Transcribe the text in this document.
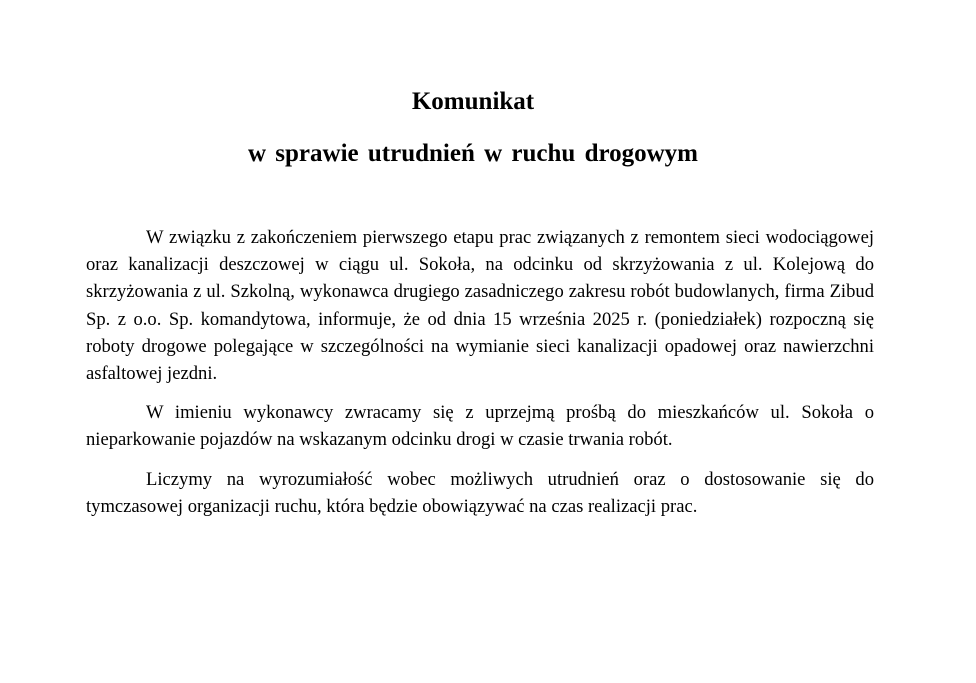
Komunikat
w sprawie utrudnień w ruchu drogowym

W związku z zakończeniem pierwszego etapu prac związanych z remontem sieci wodociągowej oraz kanalizacji deszczowej w ciągu ul. Sokoła, na odcinku od skrzyżowania z ul. Kolejową do skrzyżowania z ul. Szkolną, wykonawca drugiego zasadniczego zakresu robót budowlanych, firma Zibud Sp. z o.o. Sp. komandytowa, informuje, że od dnia 15 września 2025 r. (poniedziałek) rozpoczną się roboty drogowe polegające w szczególności na wymianie sieci kanalizacji opadowej oraz nawierzchni asfaltowej jezdni.

W imieniu wykonawcy zwracamy się z uprzejmą prośbą do mieszkańców ul. Sokoła o nieparkowanie pojazdów na wskazanym odcinku drogi w czasie trwania robót.

Liczymy na wyrozumiałość wobec możliwych utrudnień oraz o dostosowanie się do tymczasowej organizacji ruchu, która będzie obowiązywać na czas realizacji prac.
